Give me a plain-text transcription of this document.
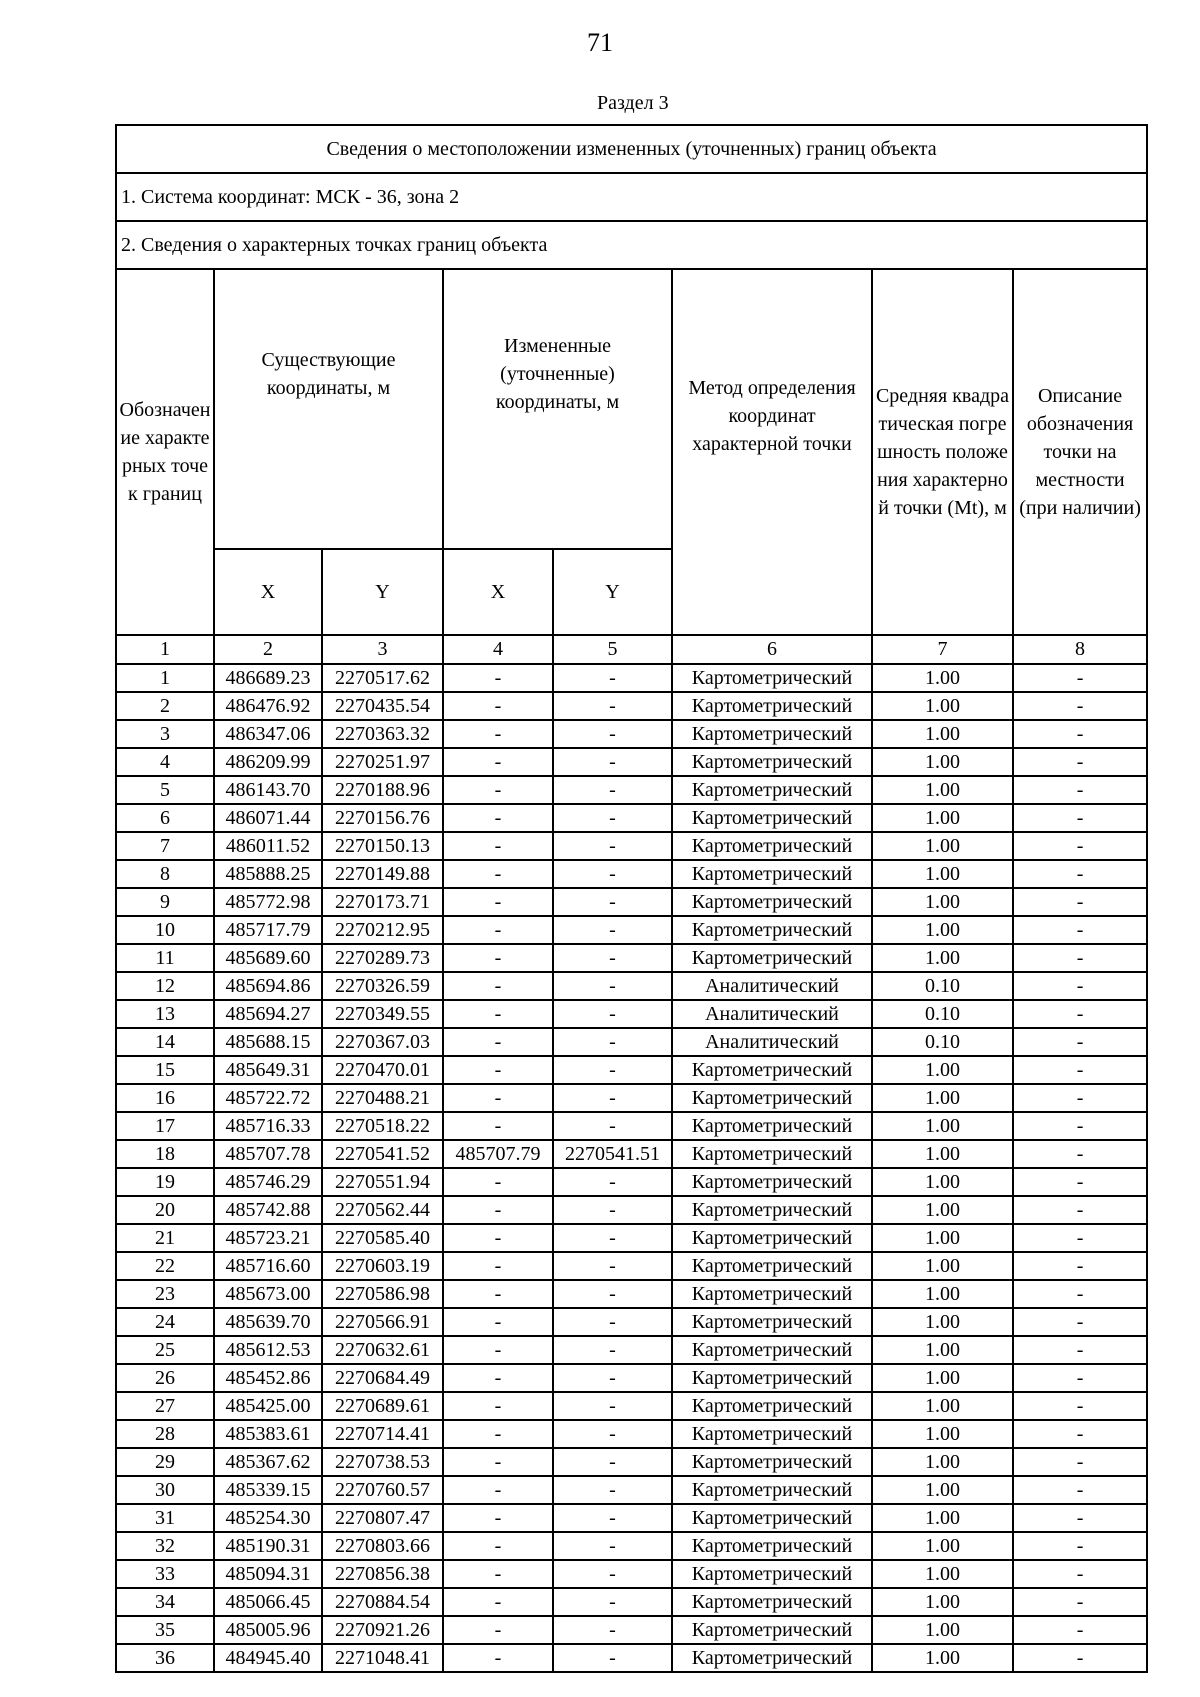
71
Раздел 3
Сведения о местоположении измененных (уточненных) границ объекта							
1. Система координат: МСК - 36, зона 2							
2. Сведения о характерных точках границ объекта							
Обозначение характерных точек границ	Существующие координаты, м		Измененные (уточненные) координаты, м		Метод определения координат характерной точки	Средняя квадратическая погрешность положения характерной точки (Mt), м	Описание обозначения точки на местности (при наличии)
	X	Y	X	Y			
1	2	3	4	5	6	7	8
1	486689.23	2270517.62	-	-	Картометрический	1.00	-
2	486476.92	2270435.54	-	-	Картометрический	1.00	-
3	486347.06	2270363.32	-	-	Картометрический	1.00	-
4	486209.99	2270251.97	-	-	Картометрический	1.00	-
5	486143.70	2270188.96	-	-	Картометрический	1.00	-
6	486071.44	2270156.76	-	-	Картометрический	1.00	-
7	486011.52	2270150.13	-	-	Картометрический	1.00	-
8	485888.25	2270149.88	-	-	Картометрический	1.00	-
9	485772.98	2270173.71	-	-	Картометрический	1.00	-
10	485717.79	2270212.95	-	-	Картометрический	1.00	-
11	485689.60	2270289.73	-	-	Картометрический	1.00	-
12	485694.86	2270326.59	-	-	Аналитический	0.10	-
13	485694.27	2270349.55	-	-	Аналитический	0.10	-
14	485688.15	2270367.03	-	-	Аналитический	0.10	-
15	485649.31	2270470.01	-	-	Картометрический	1.00	-
16	485722.72	2270488.21	-	-	Картометрический	1.00	-
17	485716.33	2270518.22	-	-	Картометрический	1.00	-
18	485707.78	2270541.52	485707.79	2270541.51	Картометрический	1.00	-
19	485746.29	2270551.94	-	-	Картометрический	1.00	-
20	485742.88	2270562.44	-	-	Картометрический	1.00	-
21	485723.21	2270585.40	-	-	Картометрический	1.00	-
22	485716.60	2270603.19	-	-	Картометрический	1.00	-
23	485673.00	2270586.98	-	-	Картометрический	1.00	-
24	485639.70	2270566.91	-	-	Картометрический	1.00	-
25	485612.53	2270632.61	-	-	Картометрический	1.00	-
26	485452.86	2270684.49	-	-	Картометрический	1.00	-
27	485425.00	2270689.61	-	-	Картометрический	1.00	-
28	485383.61	2270714.41	-	-	Картометрический	1.00	-
29	485367.62	2270738.53	-	-	Картометрический	1.00	-
30	485339.15	2270760.57	-	-	Картометрический	1.00	-
31	485254.30	2270807.47	-	-	Картометрический	1.00	-
32	485190.31	2270803.66	-	-	Картометрический	1.00	-
33	485094.31	2270856.38	-	-	Картометрический	1.00	-
34	485066.45	2270884.54	-	-	Картометрический	1.00	-
35	485005.96	2270921.26	-	-	Картометрический	1.00	-
36	484945.40	2271048.41	-	-	Картометрический	1.00	-
